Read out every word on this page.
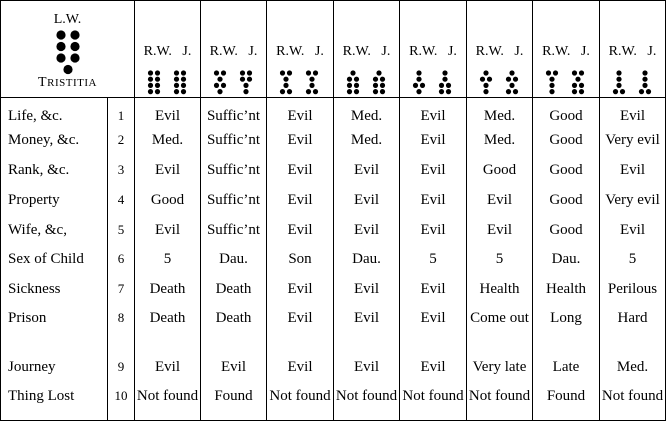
L.W.
TRISTITIA		R.W.   J.	R.W.   J.	R.W.   J.	R.W.   J.	R.W.   J.	R.W.   J.	R.W.   J.	R.W.   J.

Life, &c.	1	Evil	Suffic’nt	Evil	Med.	Evil	Med.	Good	Evil
Money, &c.	2	Med.	Suffic’nt	Evil	Med.	Evil	Med.	Good	Very evil
Rank, &c.	3	Evil	Suffic’nt	Evil	Evil	Evil	Good	Good	Evil
Property	4	Good	Suffic’nt	Evil	Evil	Evil	Evil	Good	Very evil
Wife, &c,	5	Evil	Suffic’nt	Evil	Evil	Evil	Evil	Good	Evil
Sex of Child	6	5	Dau.	Son	Dau.	5	5	Dau.	5
Sickness	7	Death	Death	Evil	Evil	Evil	Health	Health	Perilous
Prison	8	Death	Death	Evil	Evil	Evil	Come out	Long	Hard
Journey	9	Evil	Evil	Evil	Evil	Evil	Very late	Late	Med.
Thing Lost	10	Not found	Found	Not found	Not found	Not found	Not found	Found	Not found
